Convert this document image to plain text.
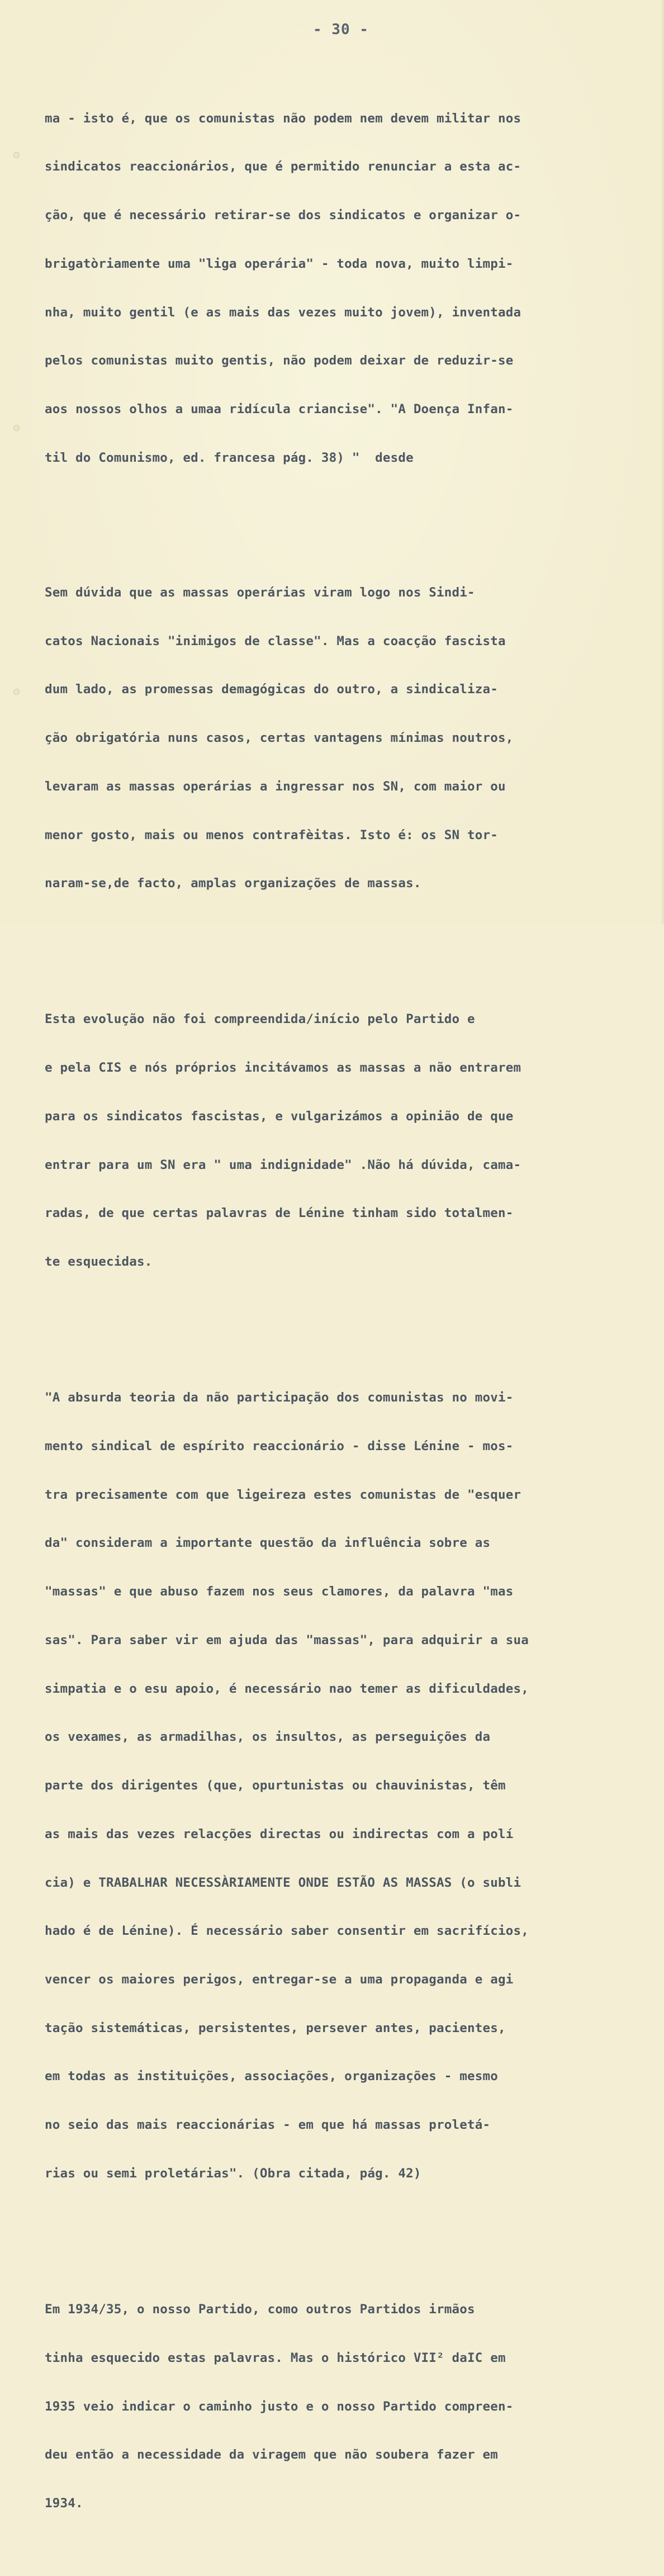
- 30 -

ma - isto é, que os comunistas não podem nem devem militar nos

sindicatos reaccionários, que é permitido renunciar a esta ac-

ção, que é necessário retirar-se dos sindicatos e organizar o-

brigatòriamente uma "liga operária" - toda nova, muito limpi-

nha, muito gentil (e as mais das vezes muito jovem), inventada

pelos comunistas muito gentis, não podem deixar de reduzir-se

aos nossos olhos a umaa ridícula criancise". "A Doença Infan-

til do Comunismo, ed. francesa pág. 38) "  desde

Sem dúvida que as massas operárias viram logo nos Sindi-

catos Nacionais "inimigos de classe". Mas a coacção fascista

dum lado, as promessas demagógicas do outro, a sindicaliza-

ção obrigatória nuns casos, certas vantagens mínimas noutros,

levaram as massas operárias a ingressar nos SN, com maior ou

menor gosto, mais ou menos contrafèitas. Isto é: os SN tor-

naram-se,de facto, amplas organizações de massas.

Esta evolução não foi compreendida/início pelo Partido e

e pela CIS e nós próprios incitávamos as massas a não entrarem

para os sindicatos fascistas, e vulgarizámos a opinião de que

entrar para um SN era " uma indignidade" .Não há dúvida, cama-

radas, de que certas palavras de Lénine tinham sido totalmen-

te esquecidas.

"A absurda teoria da não participação dos comunistas no movi-

mento sindical de espírito reaccionário - disse Lénine - mos-

tra precisamente com que ligeireza estes comunistas de "esquer

da" consideram a importante questão da influência sobre as

"massas" e que abuso fazem nos seus clamores, da palavra "mas

sas". Para saber vir em ajuda das "massas", para adquirir a sua

simpatia e o esu apoio, é necessário nao temer as dificuldades,

os vexames, as armadilhas, os insultos, as perseguições da

parte dos dirigentes (que, opurtunistas ou chauvinistas, têm

as mais das vezes relacções directas ou indirectas com a polí

cia) e TRABALHAR NECESSÀRIAMENTE ONDE ESTÃO AS MASSAS (o subli

hado é de Lénine). É necessário saber consentir em sacrifícios,

vencer os maiores perigos, entregar-se a uma propaganda e agi

tação sistemáticas, persistentes, persever antes, pacientes,

em todas as instituições, associações, organizações - mesmo

no seio das mais reaccionárias - em que há massas proletá-

rias ou semi proletárias". (Obra citada, pág. 42)

Em 1934/35, o nosso Partido, como outros Partidos irmãos

tinha esquecido estas palavras. Mas o histórico VII² daIC em

1935 veio indicar o caminho justo e o nosso Partido compreen-

deu então a necessidade da viragem que não soubera fazer em

1934.
